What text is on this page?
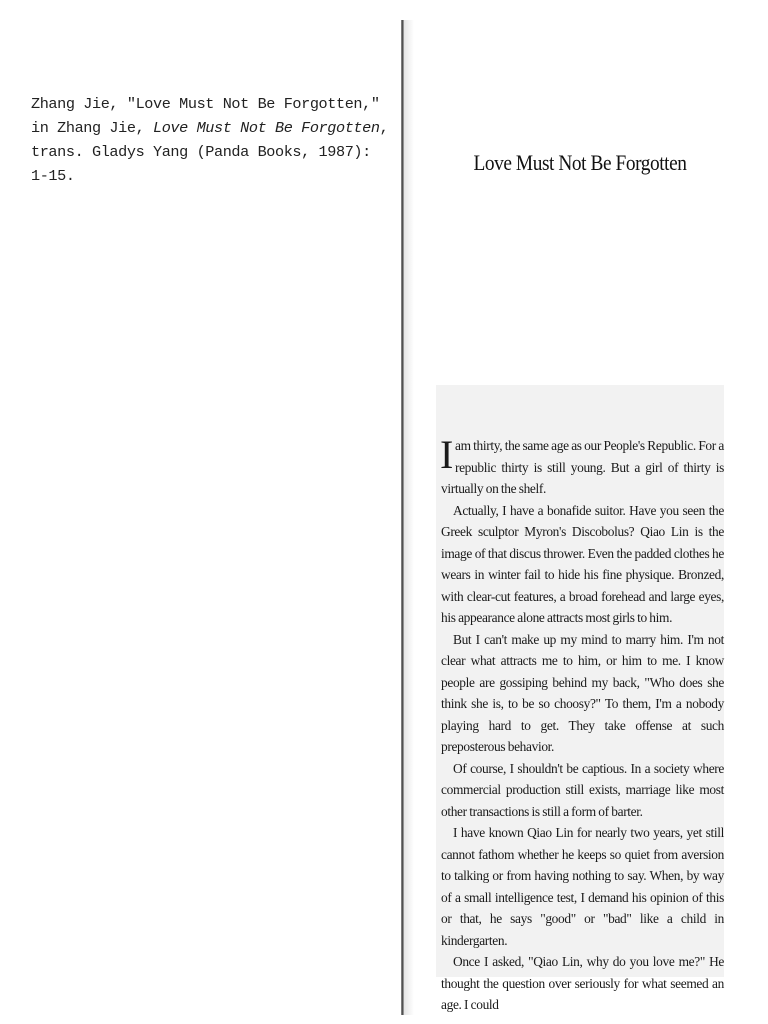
Zhang Jie, "Love Must Not Be Forgotten,"
in Zhang Jie, Love Must Not Be Forgotten,
trans. Gladys Yang (Panda Books, 1987):
1-15.
Love Must Not Be Forgotten

Iam thirty, the same age as our People's Republic. For a republic thirty is still young. But a girl of thirty is virtually on the shelf.

Actually, I have a bonafide suitor. Have you seen the Greek sculptor Myron's Discobolus? Qiao Lin is the image of that discus thrower. Even the padded clothes he wears in winter fail to hide his fine physique. Bronzed, with clear-cut features, a broad forehead and large eyes, his appearance alone attracts most girls to him.

But I can't make up my mind to marry him. I'm not clear what attracts me to him, or him to me. I know people are gossiping behind my back, "Who does she think she is, to be so choosy?" To them, I'm a nobody playing hard to get. They take offense at such preposterous behavior.

Of course, I shouldn't be captious. In a society where commercial production still exists, marriage like most other transactions is still a form of barter.

I have known Qiao Lin for nearly two years, yet still cannot fathom whether he keeps so quiet from aversion to talking or from having nothing to say. When, by way of a small intelligence test, I demand his opinion of this or that, he says "good" or "bad" like a child in kindergarten.

Once I asked, "Qiao Lin, why do you love me?" He thought the question over seriously for what seemed an age. I could
